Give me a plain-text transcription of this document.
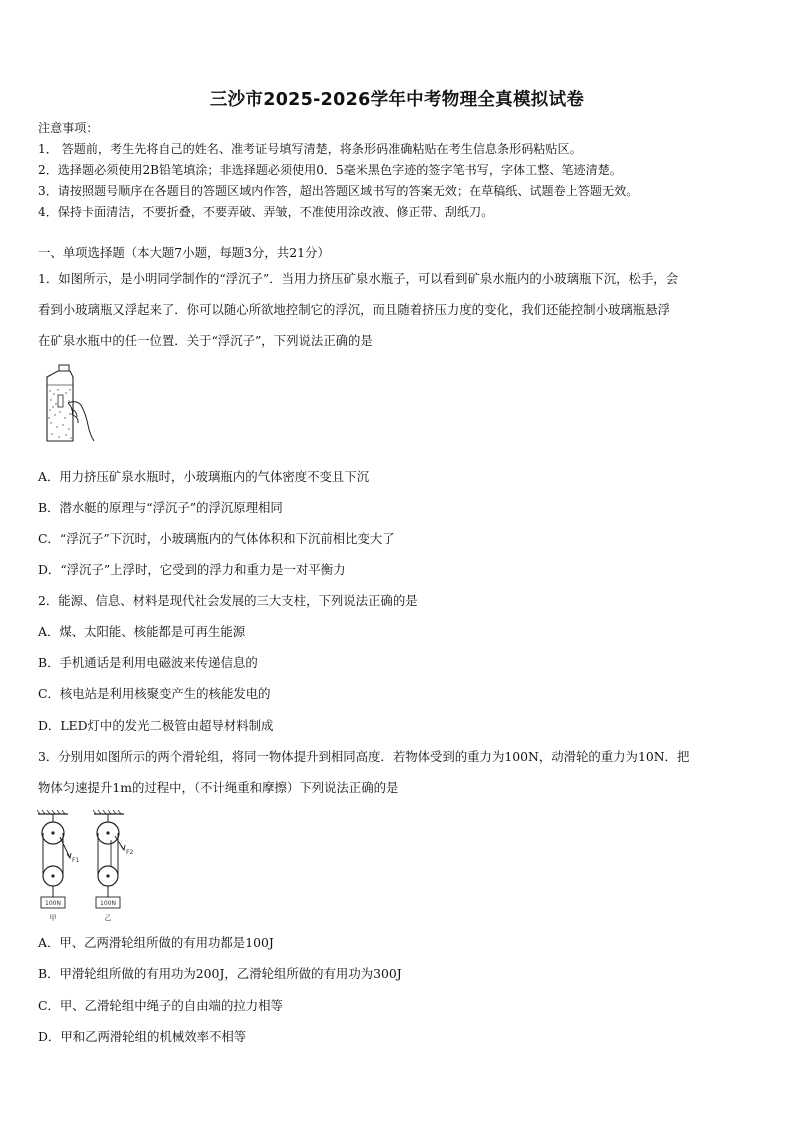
三沙市2025-2026学年中考物理全真模拟试卷
注意事项：
1． 答题前，考生先将自己的姓名、准考证号填写清楚，将条形码准确粘贴在考生信息条形码粘贴区。
2．选择题必须使用2B铅笔填涂；非选择题必须使用0．5毫米黑色字迹的签字笔书写，字体工整、笔迹清楚。
3．请按照题号顺序在各题目的答题区域内作答，超出答题区域书写的答案无效；在草稿纸、试题卷上答题无效。
4．保持卡面清洁，不要折叠，不要弄破、弄皱，不准使用涂改液、修正带、刮纸刀。
一、单项选择题（本大题7小题，每题3分，共21分）
1．如图所示，是小明同学制作的“浮沉子”．当用力挤压矿泉水瓶子，可以看到矿泉水瓶内的小玻璃瓶下沉，松手，会
看到小玻璃瓶又浮起来了．你可以随心所欲地控制它的浮沉，而且随着挤压力度的变化，我们还能控制小玻璃瓶悬浮
在矿泉水瓶中的任一位置．关于“浮沉子”，下列说法正确的是
A．用力挤压矿泉水瓶时，小玻璃瓶内的气体密度不变且下沉
B．潜水艇的原理与“浮沉子”的浮沉原理相同
C．“浮沉子”下沉时，小玻璃瓶内的气体体积和下沉前相比变大了
D．“浮沉子”上浮时，它受到的浮力和重力是一对平衡力
2．能源、信息、材料是现代社会发展的三大支柱，下列说法正确的是
A．煤、太阳能、核能都是可再生能源
B．手机通话是利用电磁波来传递信息的
C．核电站是利用核聚变产生的核能发电的
D．LED灯中的发光二极管由超导材料制成
3．分别用如图所示的两个滑轮组，将同一物体提升到相同高度．若物体受到的重力为100N，动滑轮的重力为10N．把
物体匀速提升1m的过程中，（不计绳重和摩擦）下列说法正确的是
F1
100N
甲
F2
100N
乙
A．甲、乙两滑轮组所做的有用功都是100J
B．甲滑轮组所做的有用功为200J，乙滑轮组所做的有用功为300J
C．甲、乙滑轮组中绳子的自由端的拉力相等
D．甲和乙两滑轮组的机械效率不相等
